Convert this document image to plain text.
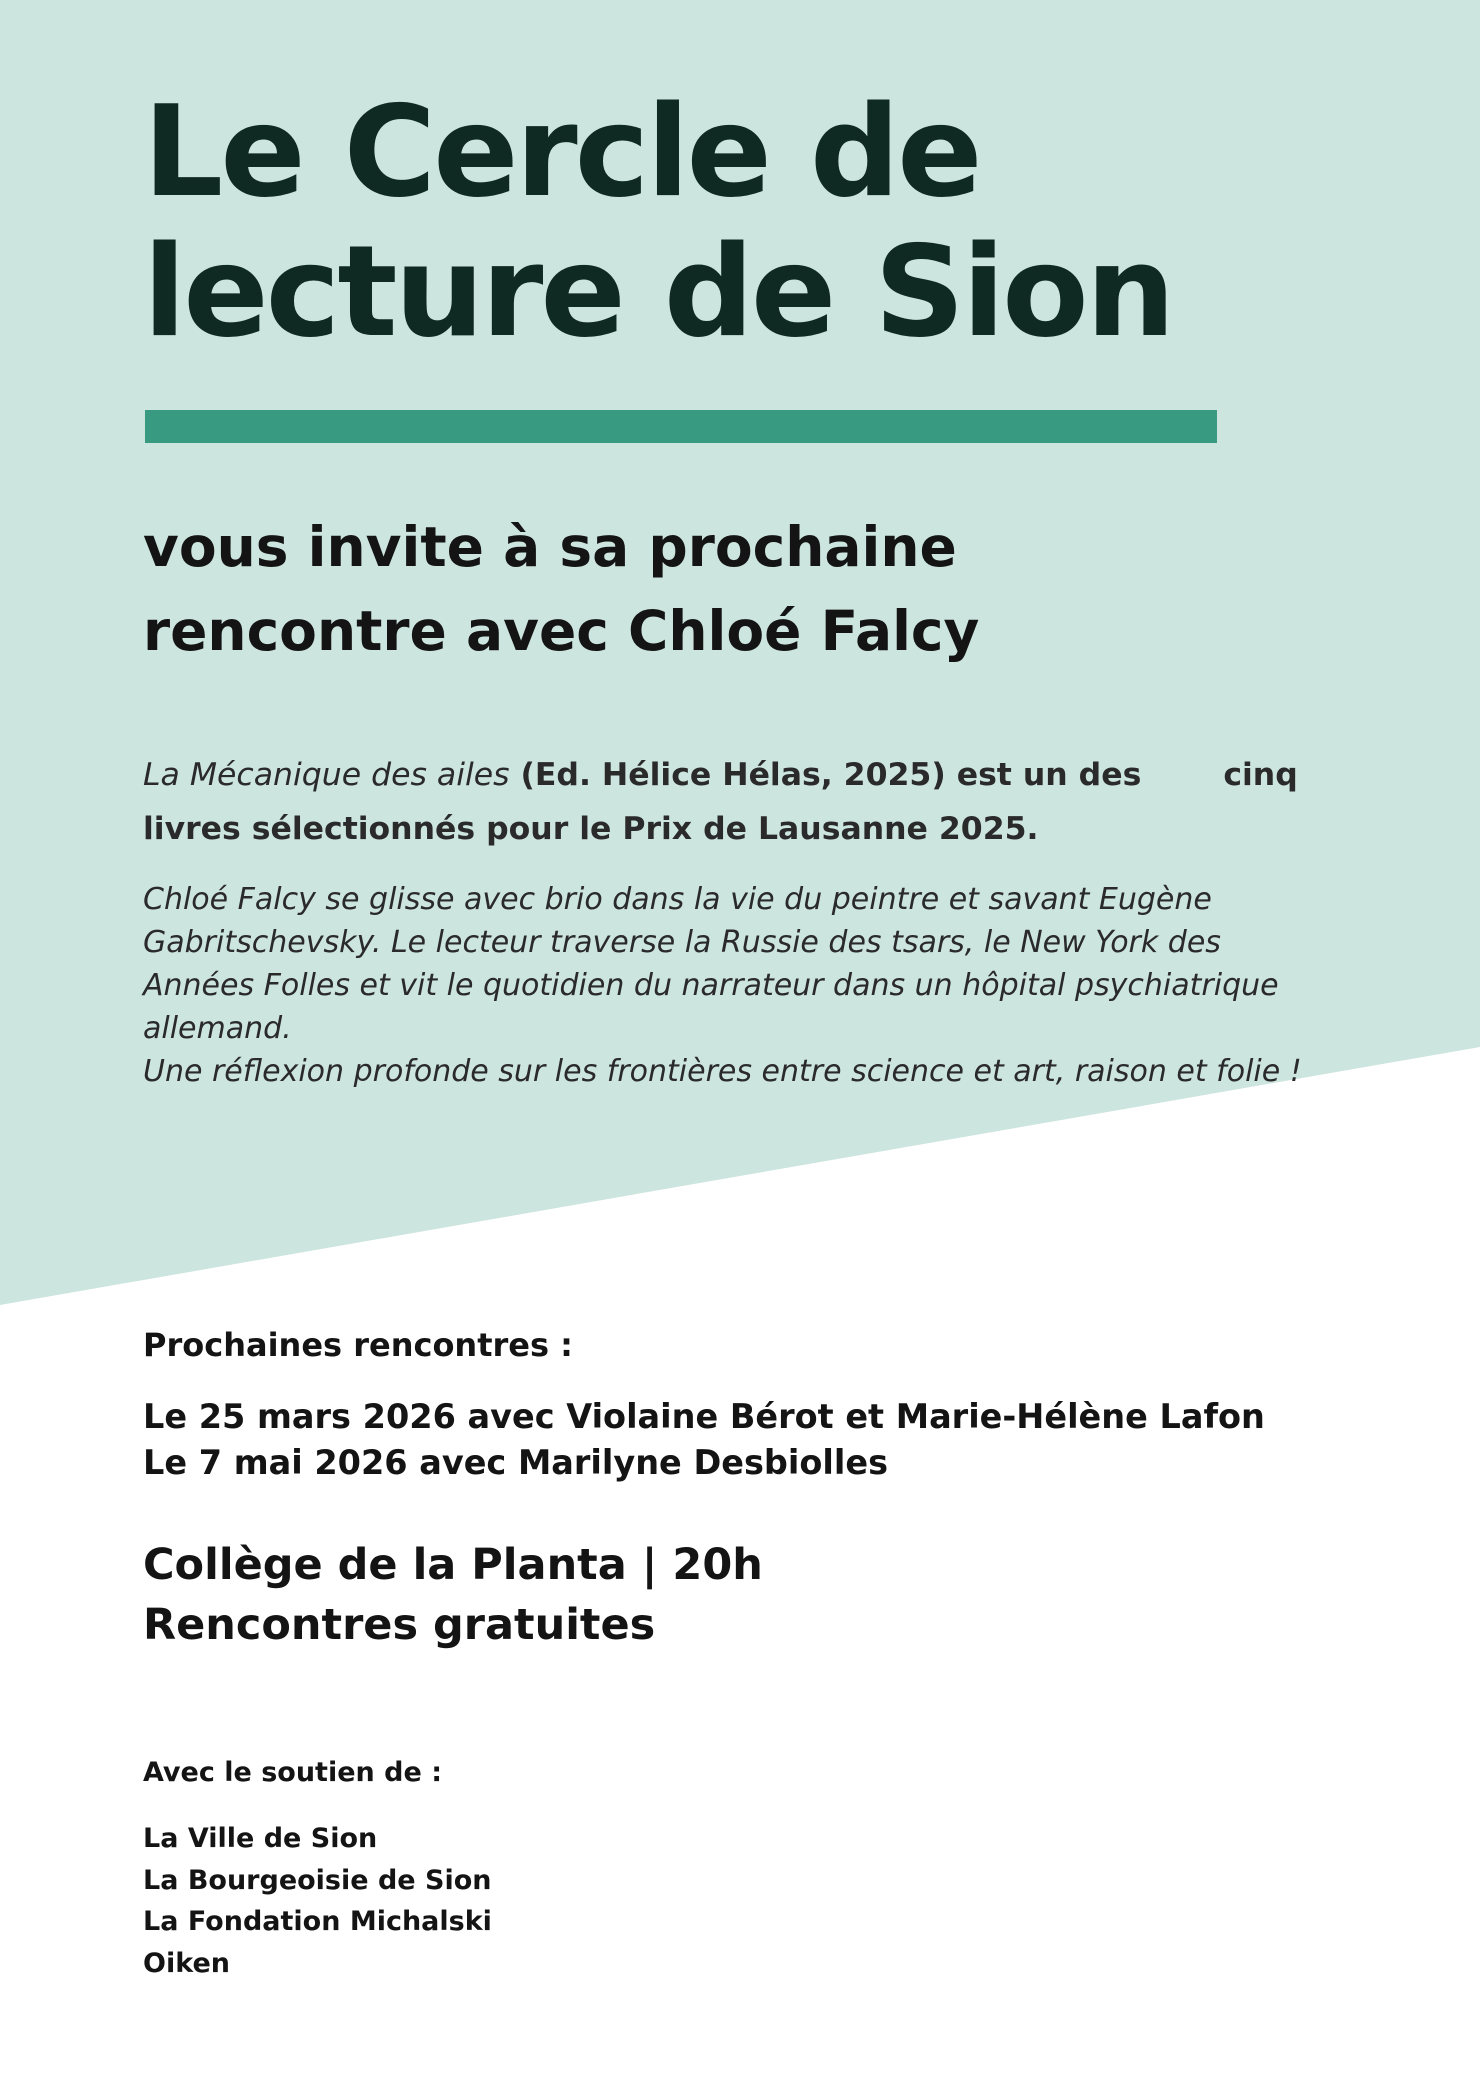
Le Cercle de
lecture de Sion
vous invite à sa prochaine
rencontre avec Chloé Falcy
La Mécanique des ailes (Ed. Hélice Hélas, 2025) est un des	cinq
livres sélectionnés pour le Prix de Lausanne 2025.
Chloé Falcy se glisse avec brio dans la vie du peintre et savant Eugène
Gabritschevsky. Le lecteur traverse la Russie des tsars, le New York des
Années Folles et vit le quotidien du narrateur dans un hôpital psychiatrique
allemand.
Une réflexion profonde sur les frontières entre science et art, raison et folie !
Prochaines rencontres :
Le 25 mars 2026 avec Violaine Bérot et Marie-Hélène Lafon
Le 7 mai 2026 avec Marilyne Desbiolles
Collège de la Planta | 20h
Rencontres gratuites
Avec le soutien de :
La Ville de Sion
La Bourgeoisie de Sion
La Fondation Michalski
Oiken
